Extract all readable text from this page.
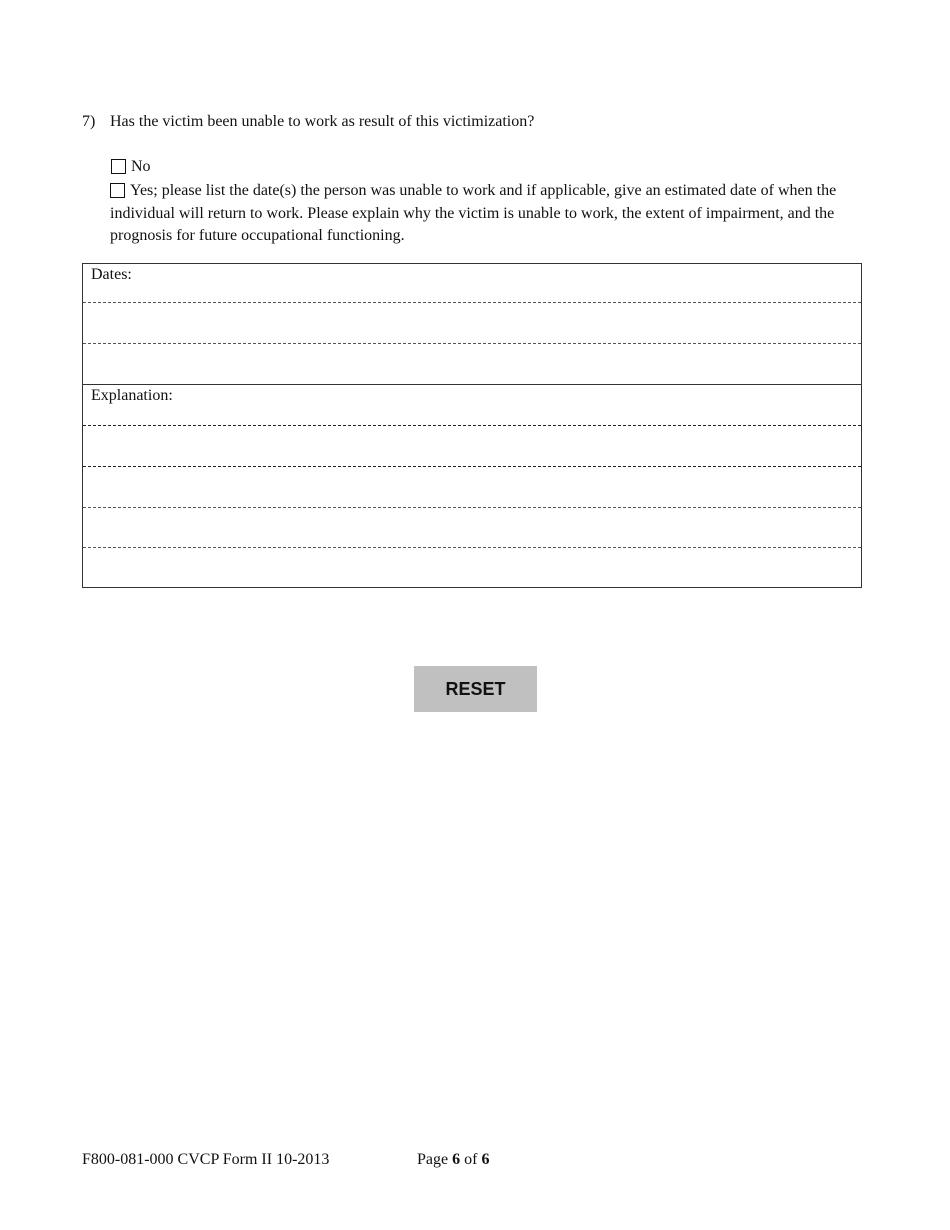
7) Has the victim been unable to work as result of this victimization?
No
Yes; please list the date(s) the person was unable to work and if applicable, give an estimated date of when the individual will return to work. Please explain why the victim is unable to work, the extent of impairment, and the prognosis for future occupational functioning.
Dates:
Explanation:
RESET
F800-081-000 CVCP Form II 10-2013	Page 6 of 6
